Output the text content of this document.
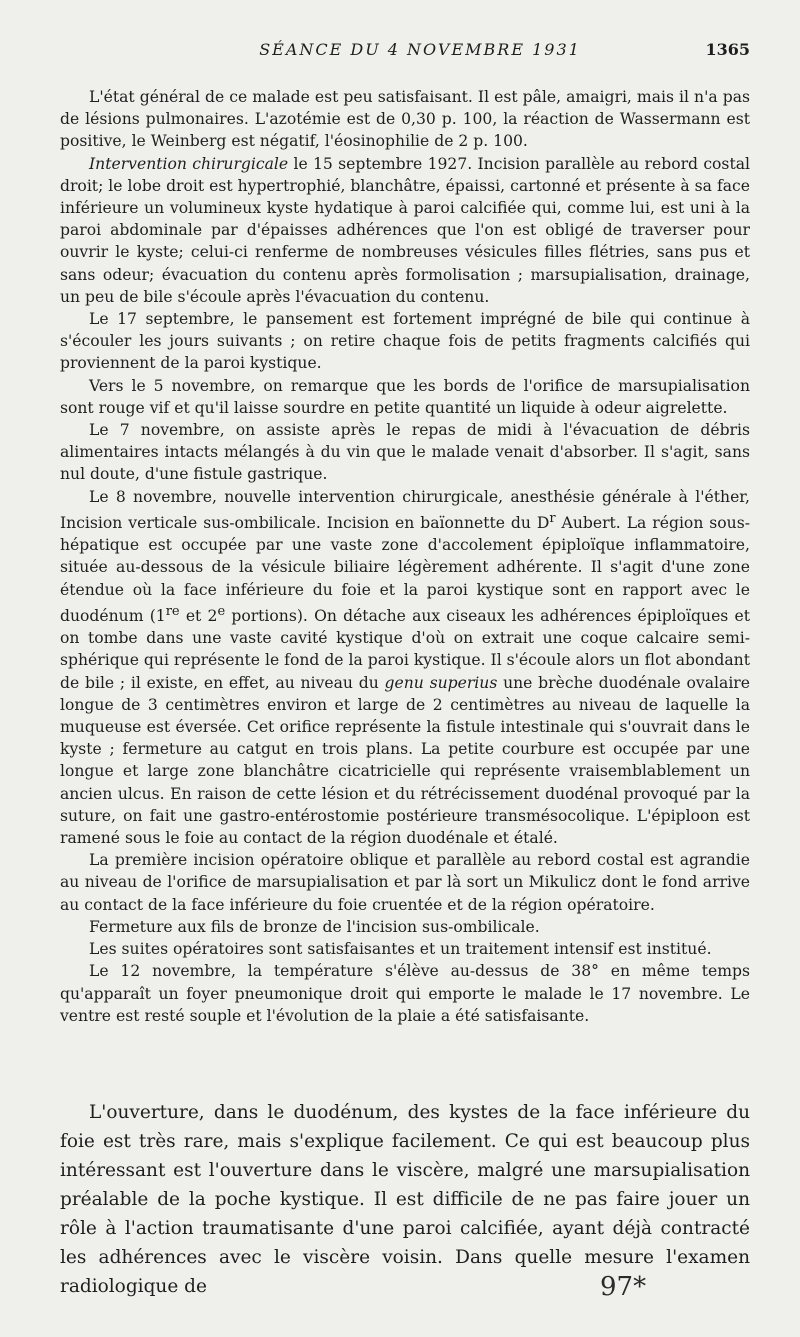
SÉANCE DU 4 NOVEMBRE 1931	1365

L'état général de ce malade est peu satisfaisant. Il est pâle, amaigri, mais il n'a pas de lésions pulmonaires. L'azotémie est de 0,30 p. 100, la réaction de Wassermann est positive, le Weinberg est négatif, l'éosinophilie de 2 p. 100.

Intervention chirurgicale le 15 septembre 1927. Incision parallèle au rebord costal droit; le lobe droit est hypertrophié, blanchâtre, épaissi, cartonné et présente à sa face inférieure un volumineux kyste hydatique à paroi calcifiée qui, comme lui, est uni à la paroi abdominale par d'épaisses adhérences que l'on est obligé de traverser pour ouvrir le kyste; celui-ci renferme de nombreuses vésicules filles flétries, sans pus et sans odeur; évacuation du contenu après formolisation ; marsupialisation, drainage, un peu de bile s'écoule après l'évacuation du contenu.

Le 17 septembre, le pansement est fortement imprégné de bile qui continue à s'écouler les jours suivants ; on retire chaque fois de petits fragments calcifiés qui proviennent de la paroi kystique.

Vers le 5 novembre, on remarque que les bords de l'orifice de marsupialisation sont rouge vif et qu'il laisse sourdre en petite quantité un liquide à odeur aigrelette.

Le 7 novembre, on assiste après le repas de midi à l'évacuation de débris alimentaires intacts mélangés à du vin que le malade venait d'absorber. Il s'agit, sans nul doute, d'une fistule gastrique.

Le 8 novembre, nouvelle intervention chirurgicale, anesthésie générale à l'éther, Incision verticale sus-ombilicale. Incision en baïonnette du $D^r$ Aubert. La région sous-hépatique est occupée par une vaste zone d'accolement épiploïque inflammatoire, située au-dessous de la vésicule biliaire légèrement adhérente. Il s'agit d'une zone étendue où la face inférieure du foie et la paroi kystique sont en rapport avec le duodénum (1re et 2e portions). On détache aux ciseaux les adhérences épiploïques et on tombe dans une vaste cavité kystique d'où on extrait une coque calcaire semi-sphérique qui représente le fond de la paroi kystique. Il s'écoule alors un flot abondant de bile ; il existe, en effet, au niveau du genu superius une brèche duodénale ovalaire longue de 3 centimètres environ et large de 2 centimètres au niveau de laquelle la muqueuse est éversée. Cet orifice représente la fistule intestinale qui s'ouvrait dans le kyste ; fermeture au catgut en trois plans. La petite courbure est occupée par une longue et large zone blanchâtre cicatricielle qui représente vraisemblablement un ancien ulcus. En raison de cette lésion et du rétrécissement duodénal provoqué par la suture, on fait une gastro-entérostomie postérieure transmésocolique. L'épiploon est ramené sous le foie au contact de la région duodénale et étalé.

La première incision opératoire oblique et parallèle au rebord costal est agrandie au niveau de l'orifice de marsupialisation et par là sort un Mikulicz dont le fond arrive au contact de la face inférieure du foie cruentée et de la région opératoire.

Fermeture aux fils de bronze de l'incision sus-ombilicale.

Les suites opératoires sont satisfaisantes et un traitement intensif est institué.

Le 12 novembre, la température s'élève au-dessus de 38° en même temps qu'apparaît un foyer pneumonique droit qui emporte le malade le 17 novembre. Le ventre est resté souple et l'évolution de la plaie a été satisfaisante.

L'ouverture, dans le duodénum, des kystes de la face inférieure du foie est très rare, mais s'explique facilement. Ce qui est beaucoup plus intéressant est l'ouverture dans le viscère, malgré une marsupialisation préalable de la poche kystique. Il est difficile de ne pas faire jouer un rôle à l'action traumatisante d'une paroi calcifiée, ayant déjà contracté les adhérences avec le viscère voisin. Dans quelle mesure l'examen radiologique de	97*
